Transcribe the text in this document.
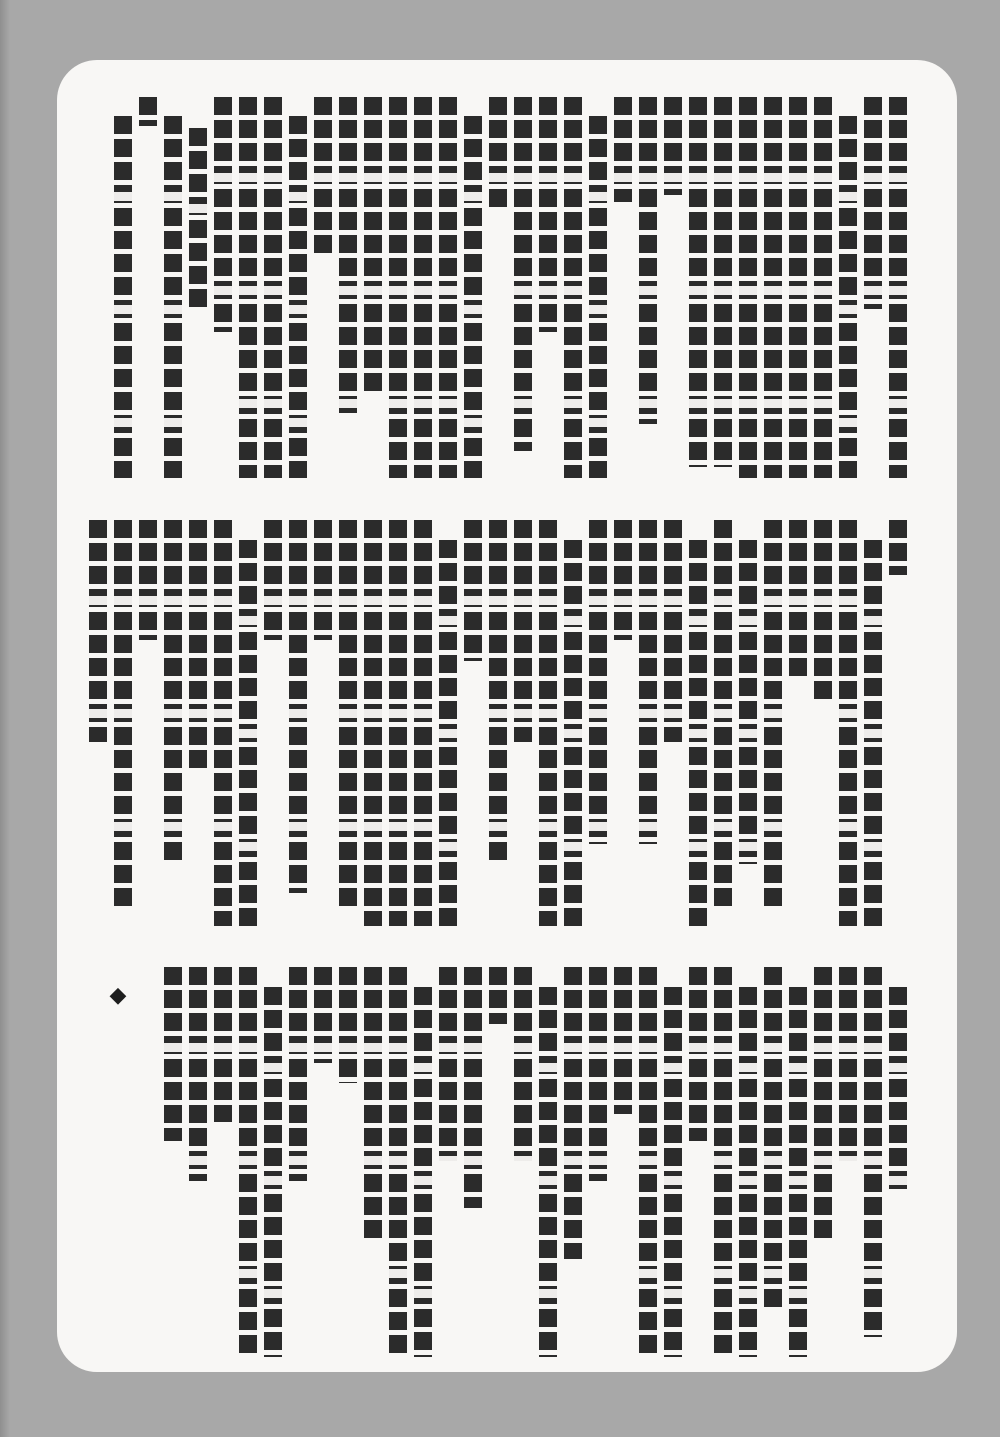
◆
